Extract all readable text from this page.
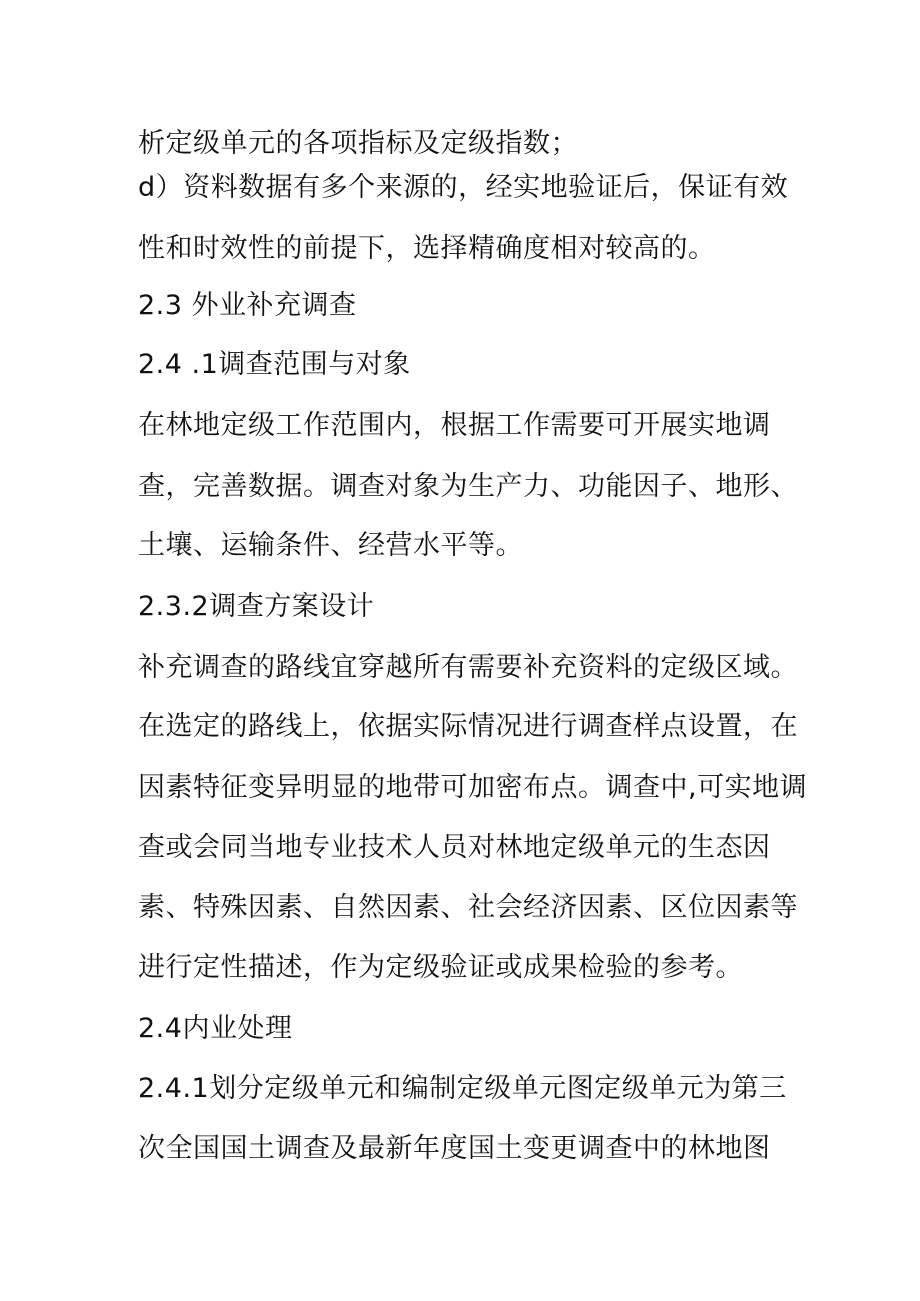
析定级单元的各项指标及定级指数；
d）资料数据有多个来源的，经实地验证后，保证有效
性和时效性的前提下，选择精确度相对较高的。
2.3 外业补充调查
2.4 .1调查范围与对象
在林地定级工作范围内，根据工作需要可开展实地调
查，完善数据。调查对象为生产力、功能因子、地形、
土壤、运输条件、经营水平等。
2.3.2调查方案设计
补充调查的路线宜穿越所有需要补充资料的定级区域。
在选定的路线上，依据实际情况进行调查样点设置，在
因素特征变异明显的地带可加密布点。调查中,可实地调
查或会同当地专业技术人员对林地定级单元的生态因
素、特殊因素、自然因素、社会经济因素、区位因素等
进行定性描述，作为定级验证或成果检验的参考。
2.4内业处理
2.4.1划分定级单元和编制定级单元图定级单元为第三
次全国国土调查及最新年度国土变更调查中的林地图
